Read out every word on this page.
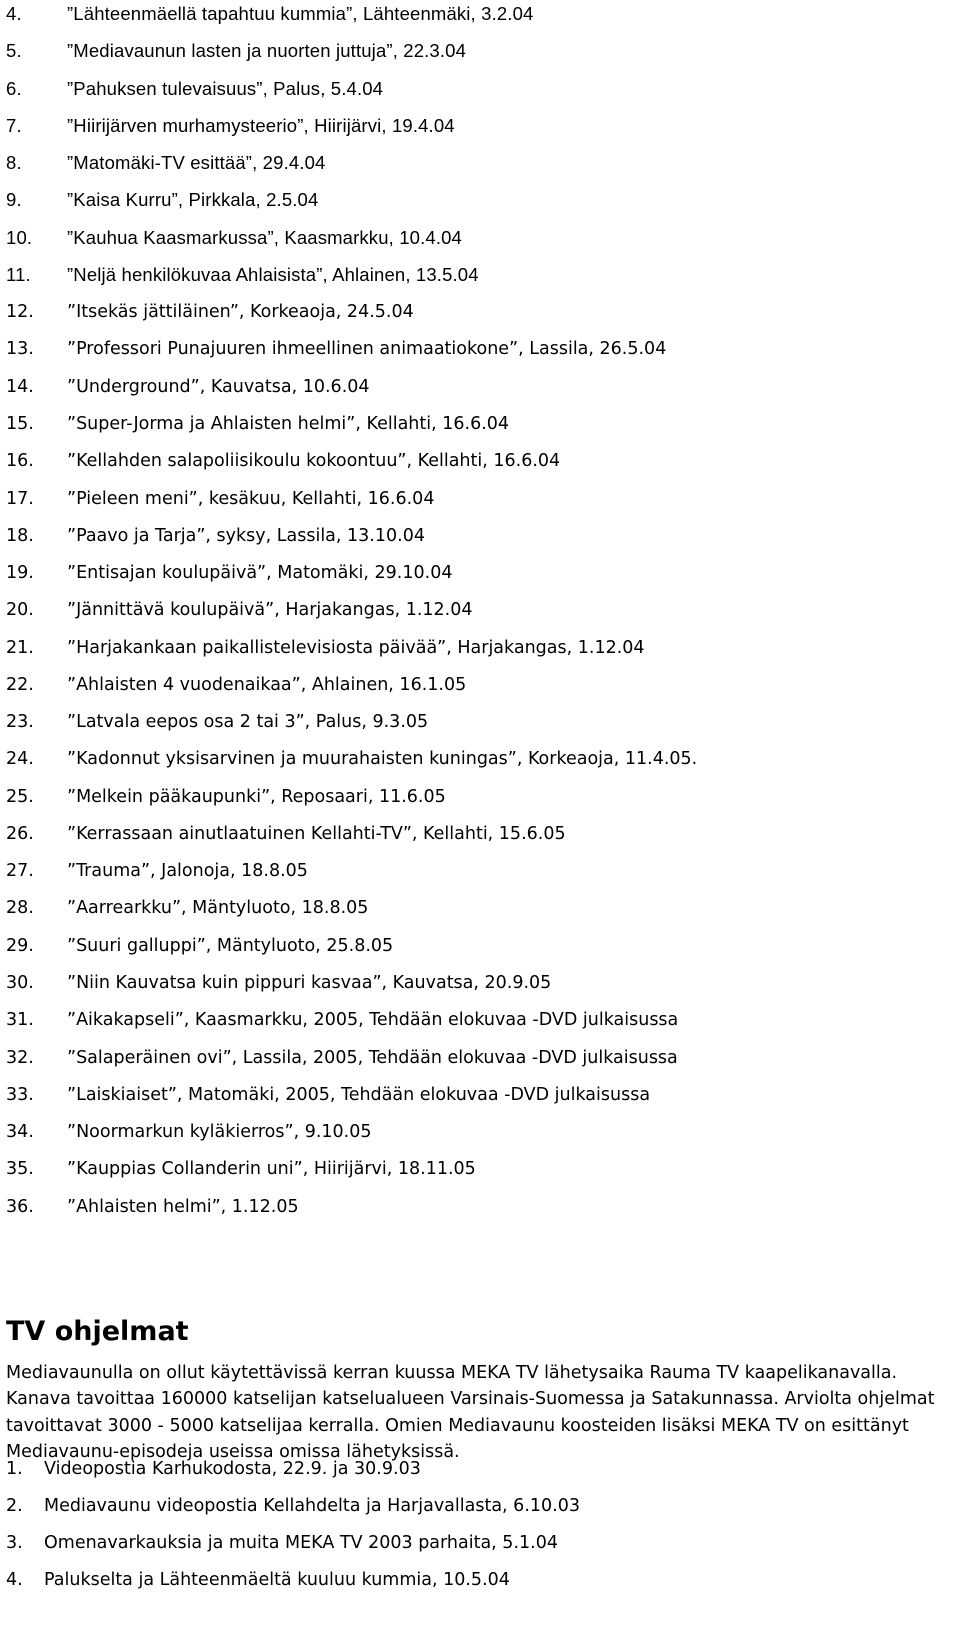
4. ”Lähteenmäellä tapahtuu kummia”, Lähteenmäki, 3.2.04
5. ”Mediavaunun lasten ja nuorten juttuja”, 22.3.04
6. ”Pahuksen tulevaisuus”, Palus, 5.4.04
7. ”Hiirijärven murhamysteerio”, Hiirijärvi, 19.4.04
8. ”Matomäki-TV esittää”, 29.4.04
9. ”Kaisa Kurru”, Pirkkala, 2.5.04
10. ”Kauhua Kaasmarkussa”, Kaasmarkku, 10.4.04
11. ”Neljä henkilökuvaa Ahlaisista”, Ahlainen, 13.5.04
12. ”Itsekäs jättiläinen”, Korkeaoja, 24.5.04
13. ”Professori Punajuuren ihmeellinen animaatiokone”, Lassila, 26.5.04
14. ”Underground”, Kauvatsa, 10.6.04
15. ”Super-Jorma ja Ahlaisten helmi”, Kellahti, 16.6.04
16. ”Kellahden salapoliisikoulu kokoontuu”, Kellahti, 16.6.04
17. ”Pieleen meni”, kesäkuu, Kellahti, 16.6.04
18. ”Paavo ja Tarja”, syksy, Lassila, 13.10.04
19. ”Entisajan koulupäivä”, Matomäki, 29.10.04
20. ”Jännittävä koulupäivä”, Harjakangas, 1.12.04
21. ”Harjakankaan paikallistelevisiosta päivää”, Harjakangas, 1.12.04
22. ”Ahlaisten 4 vuodenaikaa”, Ahlainen, 16.1.05
23. ”Latvala eepos osa 2 tai 3”, Palus, 9.3.05
24. ”Kadonnut yksisarvinen ja muurahaisten kuningas”, Korkeaoja, 11.4.05.
25. ”Melkein pääkaupunki”, Reposaari, 11.6.05
26. ”Kerrassaan ainutlaatuinen Kellahti-TV”, Kellahti, 15.6.05
27. ”Trauma”, Jalonoja, 18.8.05
28. ”Aarrearkku”, Mäntyluoto, 18.8.05
29. ”Suuri galluppi”, Mäntyluoto, 25.8.05
30. ”Niin Kauvatsa kuin pippuri kasvaa”, Kauvatsa, 20.9.05
31. ”Aikakapseli”, Kaasmarkku, 2005, Tehdään elokuvaa -DVD julkaisussa
32. ”Salaperäinen ovi”, Lassila, 2005, Tehdään elokuvaa -DVD julkaisussa
33. ”Laiskiaiset”, Matomäki, 2005, Tehdään elokuvaa -DVD julkaisussa
34. ”Noormarkun kyläkierros”, 9.10.05
35. ”Kauppias Collanderin uni”, Hiirijärvi, 18.11.05
36. ”Ahlaisten helmi”, 1.12.05
TV ohjelmat

Mediavaunulla on ollut käytettävissä kerran kuussa MEKA TV lähetysaika Rauma TV kaapelikanavalla. Kanava tavoittaa 160000 katselijan katselualueen Varsinais-Suomessa ja Satakunnassa. Arviolta ohjelmat tavoittavat 3000 - 5000 katselijaa kerralla. Omien Mediavaunu koosteiden lisäksi MEKA TV on esittänyt Mediavaunu-episodeja useissa omissa lähetyksissä.

1. Videopostia Karhukodosta, 22.9. ja 30.9.03
2. Mediavaunu videopostia Kellahdelta ja Harjavallasta, 6.10.03
3. Omenavarkauksia ja muita MEKA TV 2003 parhaita, 5.1.04
4. Palukselta ja Lähteenmäeltä kuuluu kummia, 10.5.04
